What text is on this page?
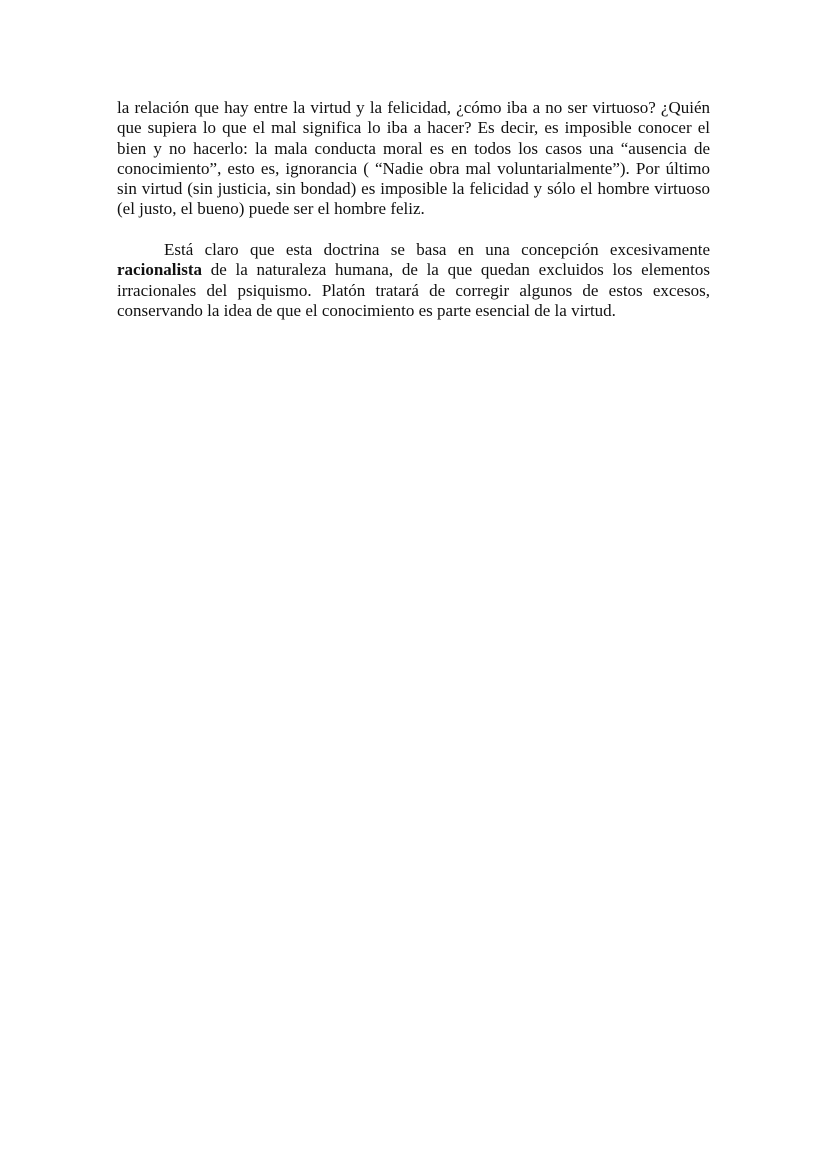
la relación que hay entre la virtud y la felicidad, ¿cómo iba a no ser virtuoso? ¿Quién que supiera lo que el mal significa lo iba a hacer? Es decir, es imposible conocer el bien y no hacerlo: la mala conducta moral es en todos los casos una “ausencia de conocimiento”, esto es, ignorancia ( “Nadie obra mal voluntarialmente”). Por último sin virtud (sin justicia, sin bondad) es imposible la felicidad y sólo el hombre virtuoso (el justo, el bueno) puede ser el hombre feliz.

Está claro que esta doctrina se basa en una concepción excesivamente racionalista de la naturaleza humana, de la que quedan excluidos los elementos irracionales del psiquismo. Platón tratará de corregir algunos de estos excesos, conservando la idea de que el conocimiento es parte esencial de la virtud.
